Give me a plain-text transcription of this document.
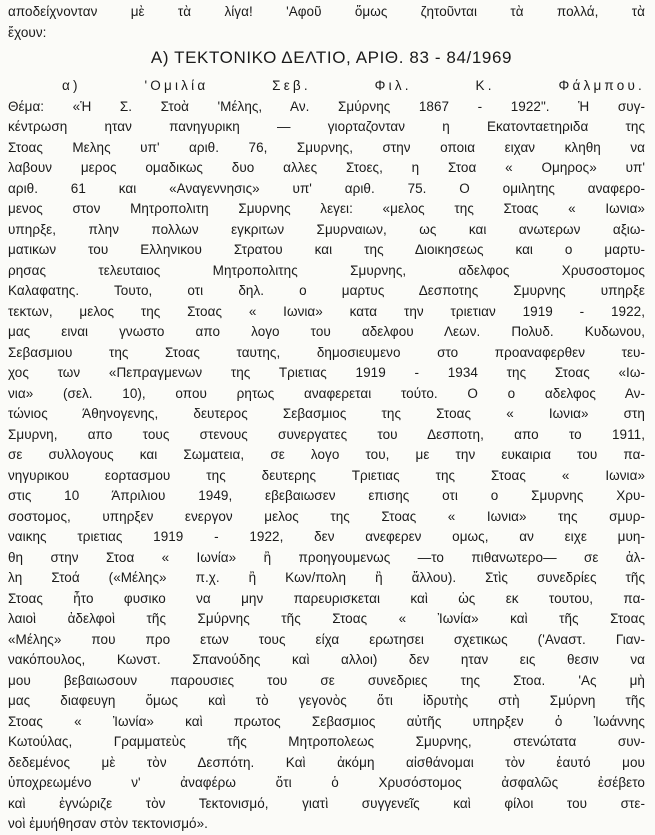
αποδείχνονταν μὲ τὰ λίγα! 'Αφοῦ ὅμως ζητοῦνται τὰ πολλά, τὰ
ἔχουν:
Α) ΤΕΚΤΟΝΙΚΟ ΔΕΛΤΙΟ, ΑΡΙΘ. 83 - 84/1969
α) 'Ομιλία Σεβ. Φιλ. Κ. Φάλμπου.
Θέμα: «Ἡ Σ. Στοὰ 'Μέλης, Αν. Σμύρνης 1867 - 1922". Ἡ συγ-
κέντρωση ηταν πανηγυρικη — γιορταζονταν η Εκατονταετηριδα της
Στοας Μελης υπ' αριθ. 76, Σμυρνης, στην οποια ειχαν κληθη να
λαβουν μερος ομαδικως δυο αλλες Στοες, η Στοα « Ομηρος» υπ'
αριθ. 61 και «Αναγεννησις» υπ' αριθ. 75. Ο ομιλητης αναφερο-
μενος στον Μητροπολιτη Σμυρνης λεγει: «μελος της Στοας « Ιωνια»
υπηρξε, πλην πολλων εγκριτων Σμυρναιων, ως και ανωτερων αξιω-
ματικων του Ελληνικου Στρατου και της Διοικησεως και ο μαρτυ-
ρησας τελευταιος Μητροπολιτης Σμυρνης, αδελφος Χρυσοστομος
Καλαφατης. Τουτο, οτι δηλ. ο μαρτυς Δεσποτης Σμυρνης υπηρξε
τεκτων, μελος της Στοας « Ιωνια» κατα την τριετιαν 1919 - 1922,
μας ειναι γνωστο απο λογο του αδελφου Λεων. Πολυδ. Κυδωνου,
Σεβασμιου της Στοας ταυτης, δημοσιευμενο στο προαναφερθεν τευ-
χος των «Πεπραγμενων της Τριετιας 1919 - 1934 της Στοας «Ιω-
νια» (σελ. 10), οπου ρητως αναφερεται τούτο. Ο ο αδελφος Αν-
τώνιος Άθηνογενης, δευτερος Σεβασμιος της Στοας « Ιωνια» στη
Σμυρνη, απο τους στενους συνεργατες του Δεσποτη, απο το 1911,
σε συλλογους και Σωματεια, σε λογο του, με την ευκαιρια του πα-
νηγυρικου εορτασμου της δευτερης Τριετιας της Στοας « Ιωνια»
στις 10 Άπριλιου 1949, εβεβαιωσεν επισης οτι ο Σμυρνης Χρυ-
σοστομος, υπηρξεν ενεργον μελος της Στοας « Ιωνια» της σμυρ-
ναικης τριετιας 1919 - 1922, δεν ανεφερεν ομως, αν ειχε μυη-
θη στην Στοα « Ιωνία» ἢ προηγουμενως —το πιθανωτερο— σε ἀλ-
λη Στοά («Μέλης» π.χ. ἢ Κων/πολη ἢ ἄλλου). Στὶς συνεδρίες τῆς
Στοας ἦτο φυσικο να μην παρευρισκεται καὶ ὡς εκ τουτου, πα-
λαιοὶ ἀδελφοὶ τῆς Σμύρνης τῆς Στοας « Ἰωνία» καὶ τῆς Στοας
«Μέλης» που προ ετων τους είχα ερωτησει σχετικως ('Αναστ. Γιαν-
νακόπουλος, Κωνστ. Σπανούδης καὶ αλλοι) δεν ηταν εις θεσιν να
μου βεβαιωσουν παρουσιες του σε συνεδριες της Στοα. 'Ας μὴ
μας διαφευγη ὅμως καὶ τὸ γεγονὸς ὅτι ἱδρυτὴς στὴ Σμύρνη τῆς
Στοας « Ἰωνία» καὶ πρωτος Σεβασμιος αὐτῆς υπηρξεν ὁ Ἰωάννης
Κωτούλας, Γραμματεὺς τῆς Μητροπολεως Σμυρνης, στενώτατα συν-
δεδεμένος μὲ τὸν Δεσπότη. Καὶ ἀκόμη αἰσθάνομαι τὸν ἑαυτό μου
ὑποχρεωμένο ν' ἀναφέρω ὅτι ὁ Χρυσόστομος ἀσφαλῶς ἐσέβετο
καὶ ἐγνώριζε τὸν Τεκτονισμό, γιατὶ συγγενεῖς καὶ φίλοι του στε-
νοὶ ἐμυήθησαν στὸν τεκτονισμό».
